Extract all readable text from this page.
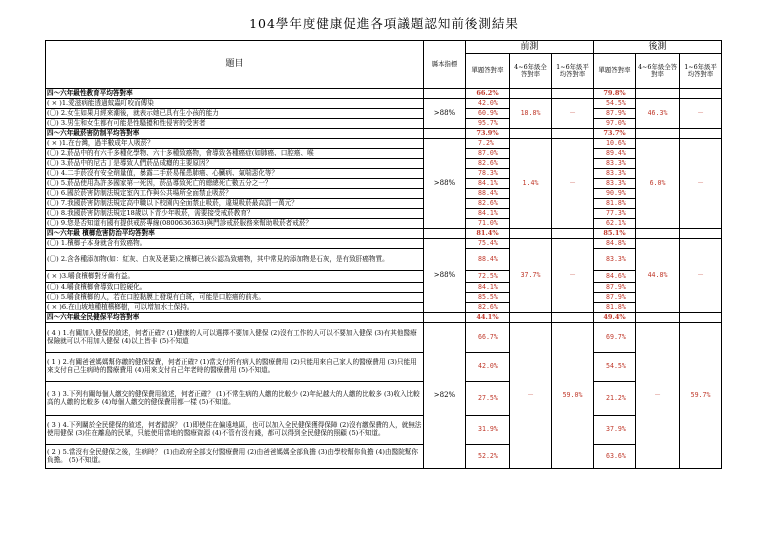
104學年度健康促進各項議題認知前後測結果
題目	縣本指標	前測			後測		
		單題答對率	4~6年級全答對率	1~6年級平均答對率	單題答對率	4~6年級全答對率	1~6年級平均答對率
四～六年級性教育平均答對率		66.2%			79.8%		
( × )1.愛滋病能透過蚊蟲叮咬而傳染	>88%	42.0%	18.8%	－	54.5%	46.3%	－
(〇) 2.女生如果月經來潮後，就表示她已具有生小孩的能力		60.9%			87.9%		
(〇) 3.男生和女生都有可能是性騷擾和性侵害的受害者		95.7%			97.0%		
四～六年級菸害防制平均答對率		73.9%			73.7%		
( × )1.在台灣，過半數成年人吸菸？	>88%	7.2%	1.4%	－	10.6%	6.0%	－
(〇) 2.菸品中的有六千多種化學物、六十多種致癌物，會導致各種癌症(如肺癌、口腔癌、喉		87.0%			89.4%		
(〇) 3.菸品中的尼古丁是導致人們菸品成癮的主要原因？		82.6%			83.3%		
(〇) 4.二手菸沒有安全劑量值，暴露二手菸易罹患肺癌、心臟病、氣喘惡化等？		78.3%			83.3%		
(〇) 5.菸品使用為許多國家第一死因，菸品導致死亡的總總死亡數五分之一？		84.1%			83.3%		
(〇) 6.國於菸害防制法規定室內工作與公共場所全面禁止吸菸？		88.4%			90.9%		
(〇) 7.我國菸害防制法規定高中職以下校園內全面禁止吸菸，違規吸菸最高罰一萬元？		82.6%			81.8%		
(〇) 8.我國菸害防制法規定18歲以下青少年吸菸，需要接受戒菸教育？		84.1%			77.3%		
(〇) 9.您是否知道有國有提供戒菸專線(0800636363)與門診戒菸服務來幫助吸菸者戒菸？		71.0%			62.1%		
四～六年級 檳榔危害防治平均答對率		81.4%			85.1%		
(〇) 1.檳榔子本身就含有致癌物。	>88%	75.4%	37.7%	－	84.8%	44.8%	－
(〇) 2.含各種添加物(如：紅灰、白灰及荖葉)之檳榔已被公認為致癌物，其中常見的添加物是石灰，是有致肝癌物質。		88.4%			83.3%		
( × )3.嚼食檳榔對牙齒有益。		72.5%			84.6%		
(〇) 4.嚼食檳榔會導致口腔硬化。		84.1%			87.9%		
(〇) 5.嚼食檳榔的人，若在口腔黏膜上發現有白斑，可能是口腔癌的前兆。		85.5%			87.9%		
( × )6.在山坡地種植檳榔樹，可以增加水土保持。		82.6%			81.8%		
四～六年級全民健保平均答對率		44.1%			49.4%		
( 4 ) 1.有關加入健保的敘述，何者正確? (1)健康的人可以選擇不要加入健保 (2)沒有工作的人可以不要加入健保 (3)有其他醫療保險就可以不用加入健保 (4)以上皆非 (5)不知道	>82%	66.7%	－	59.0%	69.7%	－	59.7%
( 1 ) 2.有關爸爸媽媽幫你繳的健保保費，何者正確? (1)當支付所有病人的醫療費用 (2)只能用來自己家人的醫療費用 (3)只能用來支付自己生病時的醫療費用 (4)用來支付自己年老時的醫療費用 (5)不知道。		42.0%			54.5%		
( 3 ) 3.下列有關每個人繳交的健保費用敘述，何者正確？ (1)不常生病的人繳的比較少 (2)年紀越大的人繳的比較多 (3)收入比較高的人繳的比較多 (4)每個人繳交的健保費用都一樣 (5)不知道。		27.5%			21.2%		
( 3 ) 4.下列關於全民健保的敘述，何者錯誤？ (1)即使住在偏遠地區，也可以加入全民健保獲得保障 (2)沒有繳保費的人，就無法使用健保 (3)住在離島的民眾，只能使用當地的醫療資源 (4)不管有沒有錢，都可以得到全民健保的照顧 (5)不知道。		31.9%			37.9%		
( 2 ) 5.當沒有全民健保之後，生病時？ (1)由政府全部支付醫療費用 (2)由爸爸媽媽全部負擔 (3)由學校幫你負擔 (4)由醫院幫你負擔。 (5)不知道。		52.2%			63.6%		
